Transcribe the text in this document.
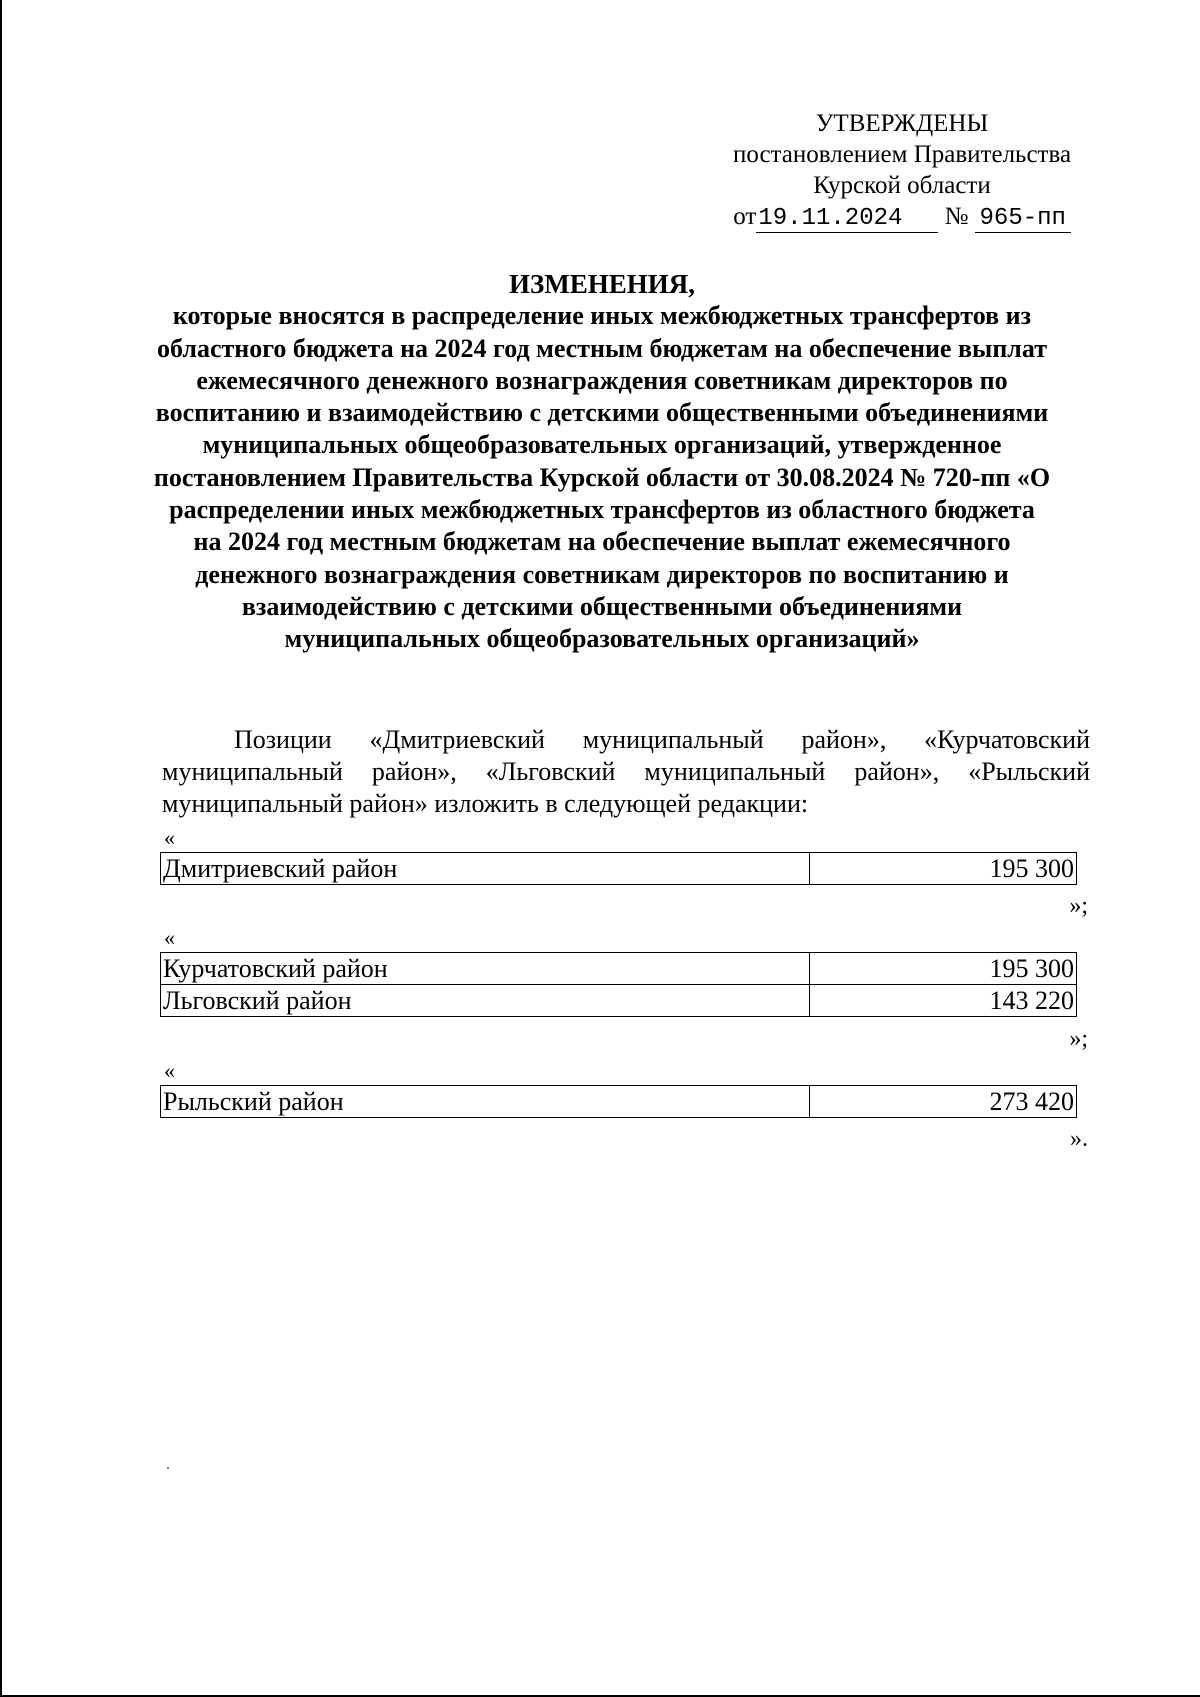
УТВЕРЖДЕНЫ
постановлением Правительства
Курской области
от19.11.2024 № 965-пп
ИЗМЕНЕНИЯ,
которые вносятся в распределение иных межбюджетных трансфертов из областного бюджета на 2024 год местным бюджетам на обеспечение выплат ежемесячного денежного вознаграждения советникам директоров по воспитанию и взаимодействию с детскими общественными объединениями муниципальных общеобразовательных организаций, утвержденное постановлением Правительства Курской области от 30.08.2024 № 720-пп «О распределении иных межбюджетных трансфертов из областного бюджета на 2024 год местным бюджетам на обеспечение выплат ежемесячного денежного вознаграждения советникам директоров по воспитанию и взаимодействию с детскими общественными объединениями муниципальных общеобразовательных организаций»
Позиции «Дмитриевский муниципальный район», «Курчатовский муниципальный район», «Льговский муниципальный район», «Рыльский муниципальный район» изложить в следующей редакции:
«
Дмитриевский район	195 300
»;
«
Курчатовский район	195 300
Льговский район	143 220
»;
«
Рыльский район	273 420
».
